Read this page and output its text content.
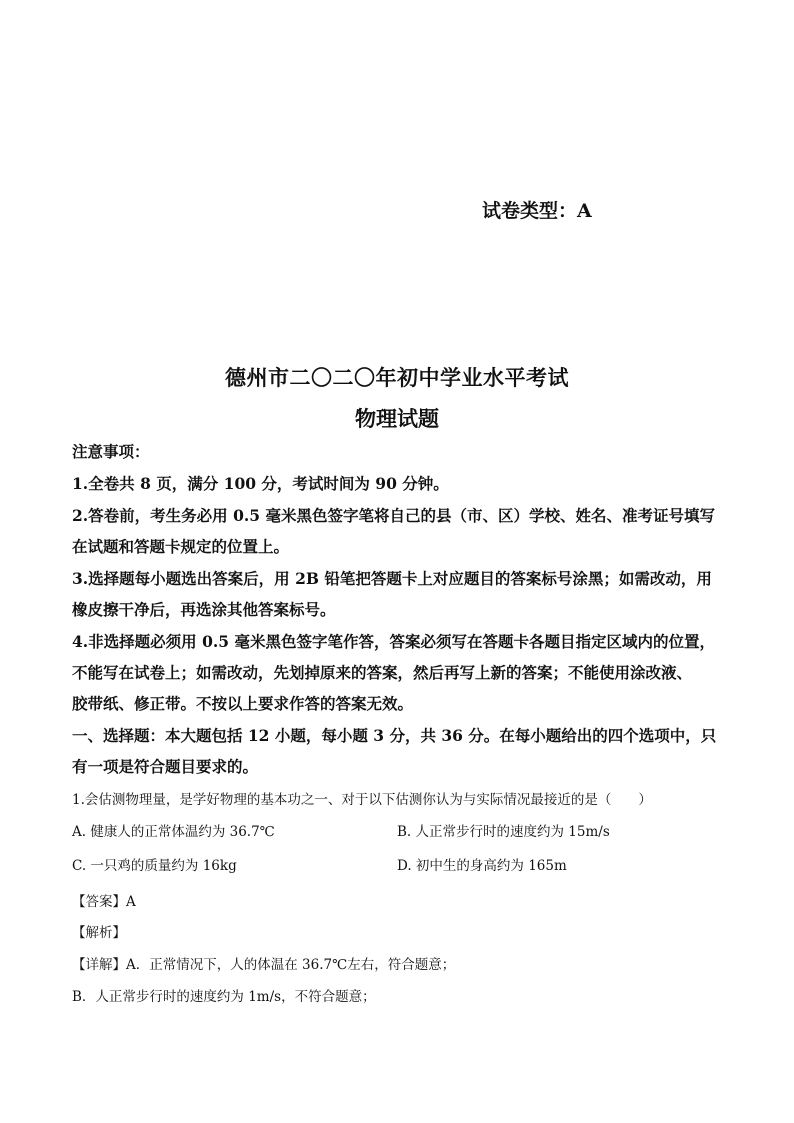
试卷类型：A
德州市二〇二〇年初中学业水平考试
物理试题
注意事项：
1.全卷共 8 页，满分 100 分，考试时间为 90 分钟。
2.答卷前，考生务必用 0.5 毫米黑色签字笔将自己的县（市、区）学校、姓名、准考证号填写
在试题和答题卡规定的位置上。
3.选择题每小题选出答案后，用 2B 铅笔把答题卡上对应题目的答案标号涂黑；如需改动，用
橡皮擦干净后，再选涂其他答案标号。
4.非选择题必须用 0.5 毫米黑色签字笔作答，答案必须写在答题卡各题目指定区域内的位置，
不能写在试卷上；如需改动，先划掉原来的答案，然后再写上新的答案；不能使用涂改液、
胶带纸、修正带。不按以上要求作答的答案无效。
一、选择题：本大题包括 12 小题，每小题 3 分，共 36 分。在每小题给出的四个选项中，只
有一项是符合题目要求的。
1.会估测物理量，是学好物理的基本功之一、对于以下估测你认为与实际情况最接近的是（　　）
A. 健康人的正常体温约为 36.7℃	B. 人正常步行时的速度约为 15m/s
C. 一只鸡的质量约为 16kg	D. 初中生的身高约为 165m
【答案】A
【解析】
【详解】A．正常情况下，人的体温在 36.7℃左右，符合题意；
B．人正常步行时的速度约为 1m/s，不符合题意；
